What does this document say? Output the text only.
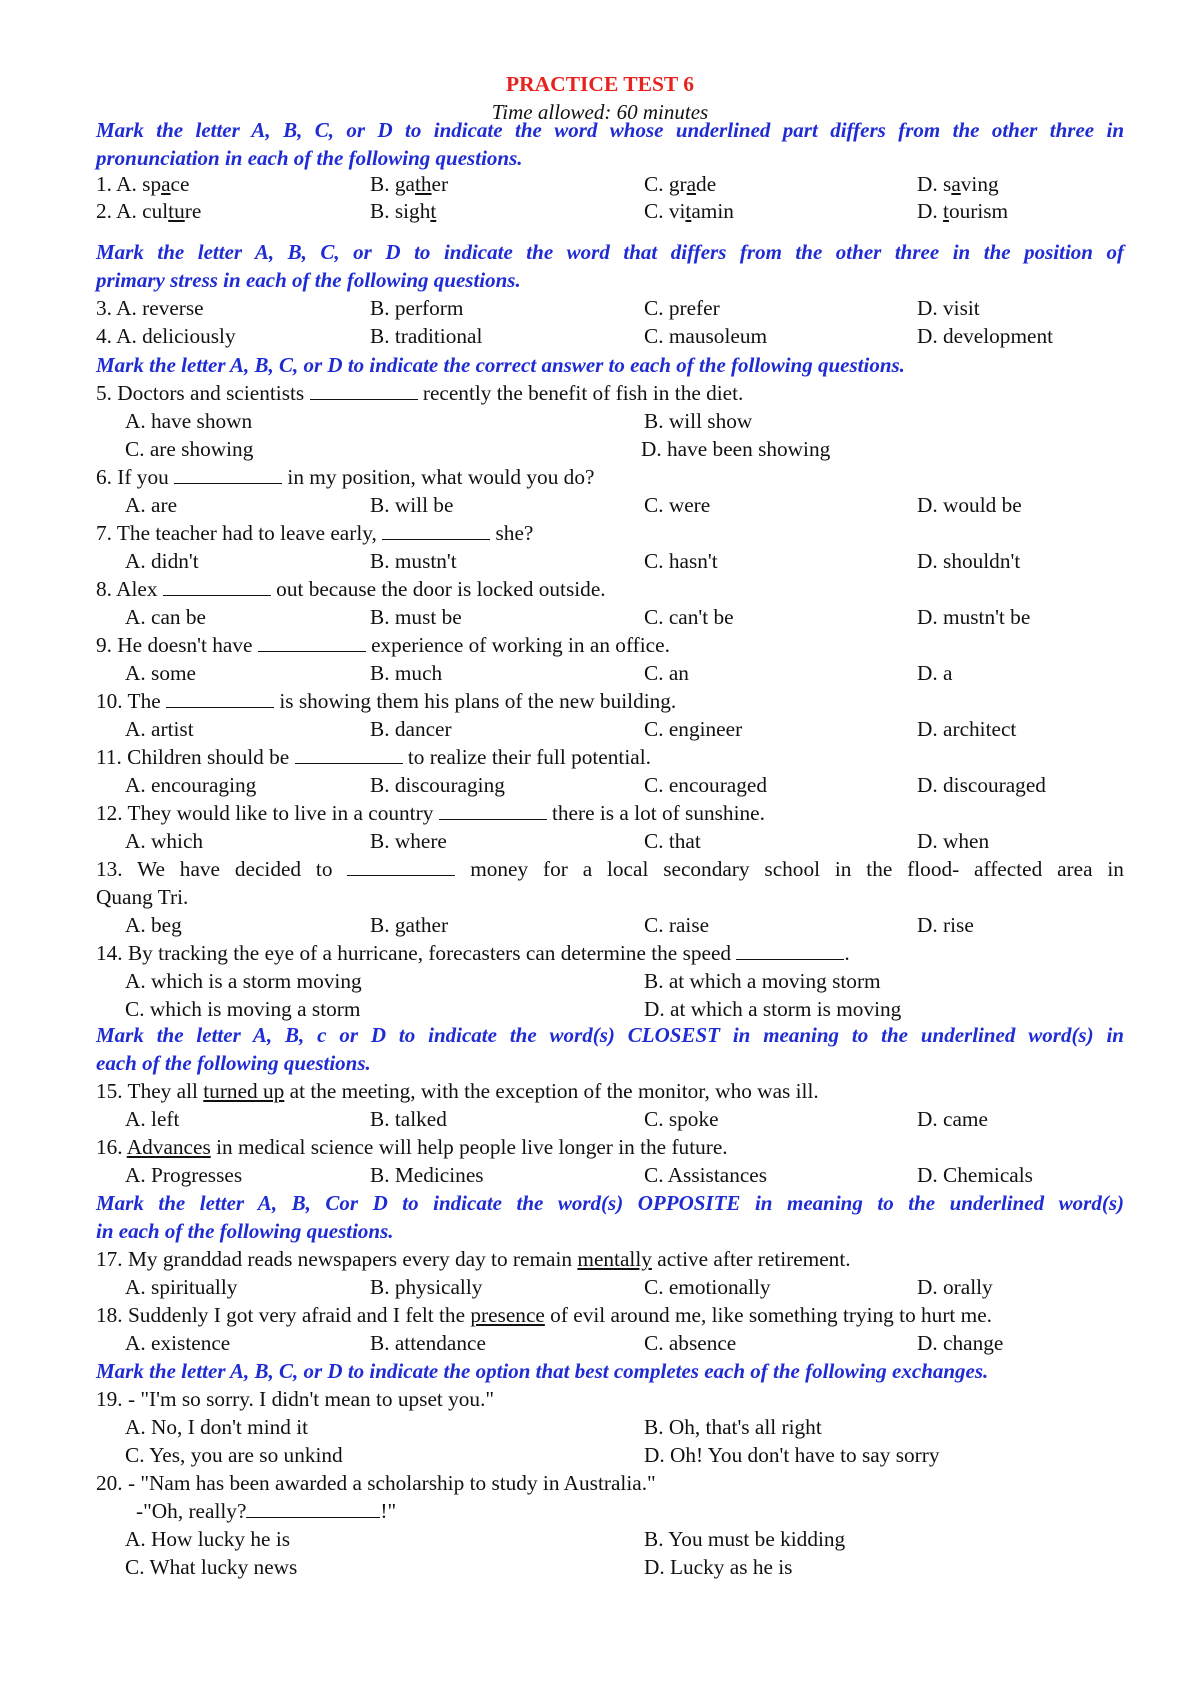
PRACTICE TEST 6
Time allowed: 60 minutes
Mark the letter A, B, C, or D to indicate the word whose underlined part differs from the other three in
pronunciation in each of the following questions.
1. A. space	B. gather	C. grade	D. saving
2. A. culture	B. sight	C. vitamin	D. tourism
Mark the letter A, B, C, or D to indicate the word that differs from the other three in the position of
primary stress in each of the following questions.
3. A. reverse	B. perform	C. prefer	D. visit
4. A. deliciously	B. traditional	C. mausoleum	D. development
Mark the letter A, B, C, or D to indicate the correct answer to each of the following questions.
5. Doctors and scientists	recently the benefit of fish in the diet.
A. have shown	B. will show
C. are showing	D. have been showing
6. If you	in my position, what would you do?
A. are	B. will be	C. were	D. would be
7. The teacher had to leave early,	she?
A. didn't	B. mustn't	C. hasn't	D. shouldn't
8. Alex	out because the door is locked outside.
A. can be	B. must be	C. can't be	D. mustn't be
9. He doesn't have	experience of working in an office.
A. some	B. much	C. an	D. a
10. The	is showing them his plans of the new building.
A. artist	B. dancer	C. engineer	D. architect
11. Children should be	to realize their full potential.
A. encouraging	B. discouraging	C. encouraged	D. discouraged
12. They would like to live in a country	there is a lot of sunshine.
A. which	B. where	C. that	D. when
13. We have decided to	money for a local secondary school in the flood- affected area in
Quang Tri.
A. beg	B. gather	C. raise	D. rise
14. By tracking the eye of a hurricane, forecasters can determine the speed	.
A. which is a storm moving	B. at which a moving storm
C. which is moving a storm	D. at which a storm is moving
Mark the letter A, B, c or D to indicate the word(s) CLOSEST in meaning to the underlined word(s) in
each of the following questions.
15. They all turned up at the meeting, with the exception of the monitor, who was ill.
A. left	B. talked	C. spoke	D. came
16. Advances in medical science will help people live longer in the future.
A. Progresses	B. Medicines	C. Assistances	D. Chemicals
Mark the letter A, B, Cor D to indicate the word(s) OPPOSITE in meaning to the underlined word(s)
in each of the following questions.
17. My granddad reads newspapers every day to remain mentally active after retirement.
A. spiritually	B. physically	C. emotionally	D. orally
18. Suddenly I got very afraid and I felt the presence of evil around me, like something trying to hurt me.
A. existence	B. attendance	C. absence	D. change
Mark the letter A, B, C, or D to indicate the option that best completes each of the following exchanges.
19. - "I'm so sorry. I didn't mean to upset you."
A. No, I don't mind it	B. Oh, that's all right
C. Yes, you are so unkind	D. Oh! You don't have to say sorry
20. - "Nam has been awarded a scholarship to study in Australia."
-"Oh, really?	!"
A. How lucky he is	B. You must be kidding
C. What lucky news	D. Lucky as he is
